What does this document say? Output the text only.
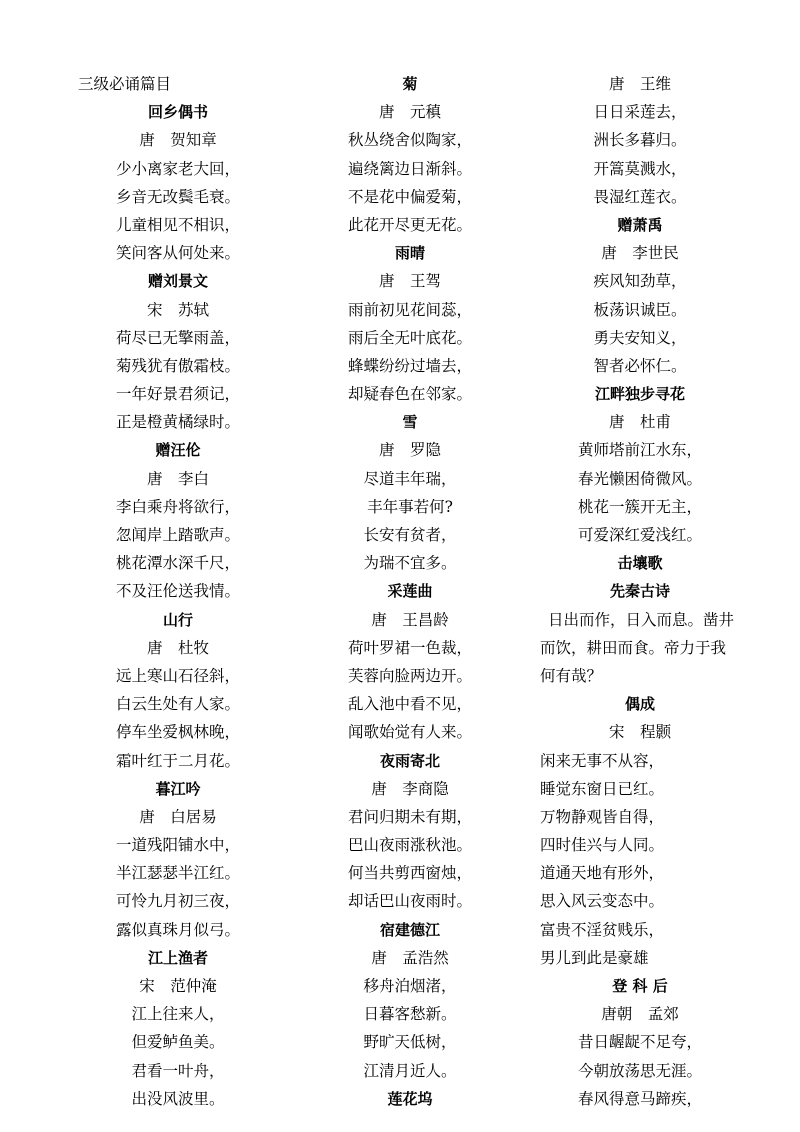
三级必诵篇目
回乡偶书
唐　贺知章
少小离家老大回，
乡音无改鬓毛衰。
儿童相见不相识，
笑问客从何处来。
赠刘景文
宋　苏轼
荷尽已无擎雨盖，
菊残犹有傲霜枝。
一年好景君须记，
正是橙黄橘绿时。
赠汪伦
唐　李白
李白乘舟将欲行，
忽闻岸上踏歌声。
桃花潭水深千尺，
不及汪伦送我情。
山行
唐　杜牧
远上寒山石径斜，
白云生处有人家。
停车坐爱枫林晚，
霜叶红于二月花。
暮江吟
唐　白居易
一道残阳铺水中，
半江瑟瑟半江红。
可怜九月初三夜，
露似真珠月似弓。
江上渔者
宋　范仲淹
江上往来人，
但爱鲈鱼美。
君看一叶舟，
出没风波里。
菊
唐　元稹
秋丛绕舍似陶家，
遍绕篱边日渐斜。
不是花中偏爱菊，
此花开尽更无花。
雨晴
唐　王驾
雨前初见花间蕊，
雨后全无叶底花。
蜂蝶纷纷过墙去，
却疑春色在邻家。
雪
唐　罗隐
尽道丰年瑞，
丰年事若何?
长安有贫者，
为瑞不宜多。
采莲曲
唐　王昌龄
荷叶罗裙一色裁，
芙蓉向脸两边开。
乱入池中看不见，
闻歌始觉有人来。
夜雨寄北
唐　李商隐
君问归期未有期，
巴山夜雨涨秋池。
何当共剪西窗烛，
却话巴山夜雨时。
宿建德江
唐　孟浩然
移舟泊烟渚，
日暮客愁新。
野旷天低树，
江清月近人。
莲花坞
唐　王维
日日采莲去，
洲长多暮归。
开篙莫溅水，
畏湿红莲衣。
赠萧禹
唐　李世民
疾风知劲草，
板荡识诚臣。
勇夫安知义，
智者必怀仁。
江畔独步寻花
唐　杜甫
黄师塔前江水东，
春光懒困倚微风。
桃花一簇开无主，
可爱深红爱浅红。
击壤歌
先秦古诗
日出而作，日入而息。凿井
而饮，耕田而食。帝力于我
何有哉？
偶成
宋　程颢
闲来无事不从容，
睡觉东窗日已红。
万物静观皆自得，
四时佳兴与人同。
道通天地有形外，
思入风云变态中。
富贵不淫贫贱乐，
男儿到此是豪雄
登 科 后
唐朝　孟郊
昔日龌龊不足夸，
今朝放荡思无涯。
春风得意马蹄疾，
